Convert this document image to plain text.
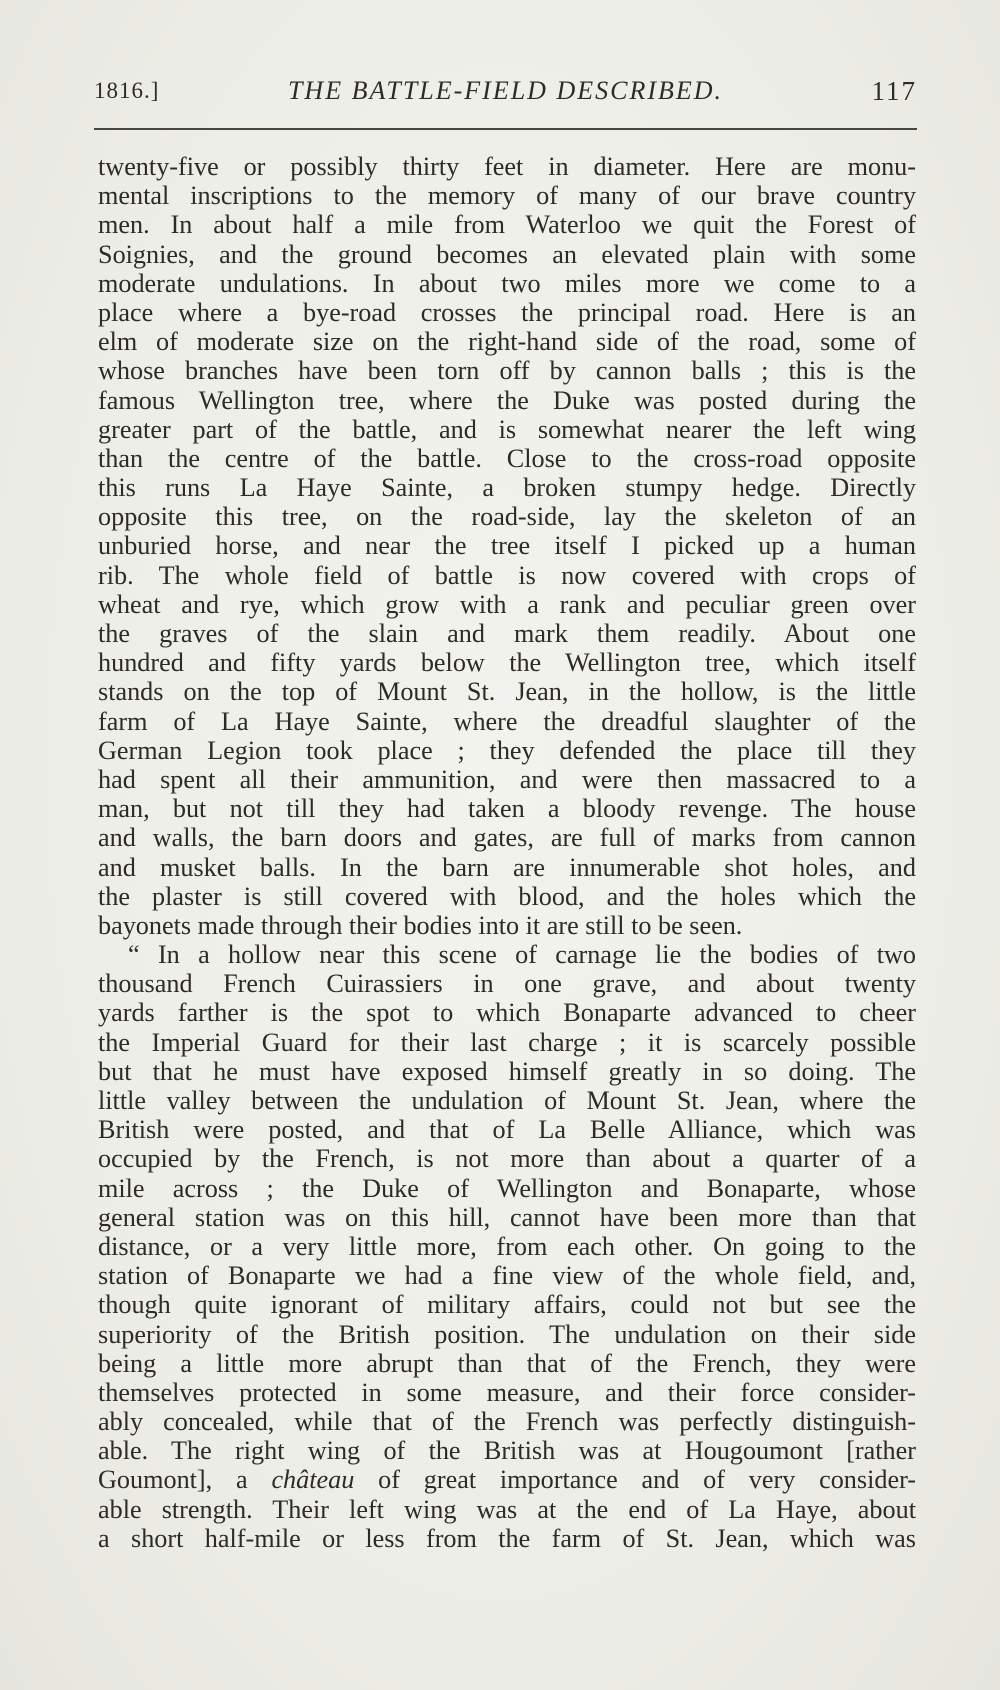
1816.]	THE BATTLE-FIELD DESCRIBED.	117
twenty-five or possibly thirty feet in diameter. Here are monu-
mental inscriptions to the memory of many of our brave country
men. In about half a mile from Waterloo we quit the Forest of
Soignies, and the ground becomes an elevated plain with some
moderate undulations. In about two miles more we come to a
place where a bye-road crosses the principal road. Here is an
elm of moderate size on the right-hand side of the road, some of
whose branches have been torn off by cannon balls ; this is the
famous Wellington tree, where the Duke was posted during the
greater part of the battle, and is somewhat nearer the left wing
than the centre of the battle. Close to the cross-road opposite
this runs La Haye Sainte, a broken stumpy hedge. Directly
opposite this tree, on the road-side, lay the skeleton of an
unburied horse, and near the tree itself I picked up a human
rib. The whole field of battle is now covered with crops of
wheat and rye, which grow with a rank and peculiar green over
the graves of the slain and mark them readily. About one
hundred and fifty yards below the Wellington tree, which itself
stands on the top of Mount St. Jean, in the hollow, is the little
farm of La Haye Sainte, where the dreadful slaughter of the
German Legion took place ; they defended the place till they
had spent all their ammunition, and were then massacred to a
man, but not till they had taken a bloody revenge. The house
and walls, the barn doors and gates, are full of marks from cannon
and musket balls. In the barn are innumerable shot holes, and
the plaster is still covered with blood, and the holes which the
bayonets made through their bodies into it are still to be seen.
“ In a hollow near this scene of carnage lie the bodies of two
thousand French Cuirassiers in one grave, and about twenty
yards farther is the spot to which Bonaparte advanced to cheer
the Imperial Guard for their last charge ; it is scarcely possible
but that he must have exposed himself greatly in so doing. The
little valley between the undulation of Mount St. Jean, where the
British were posted, and that of La Belle Alliance, which was
occupied by the French, is not more than about a quarter of a
mile across ; the Duke of Wellington and Bonaparte, whose
general station was on this hill, cannot have been more than that
distance, or a very little more, from each other. On going to the
station of Bonaparte we had a fine view of the whole field, and,
though quite ignorant of military affairs, could not but see the
superiority of the British position. The undulation on their side
being a little more abrupt than that of the French, they were
themselves protected in some measure, and their force consider-
ably concealed, while that of the French was perfectly distinguish-
able. The right wing of the British was at Hougoumont [rather
Goumont], a château of great importance and of very consider-
able strength. Their left wing was at the end of La Haye, about
a short half-mile or less from the farm of St. Jean, which was
